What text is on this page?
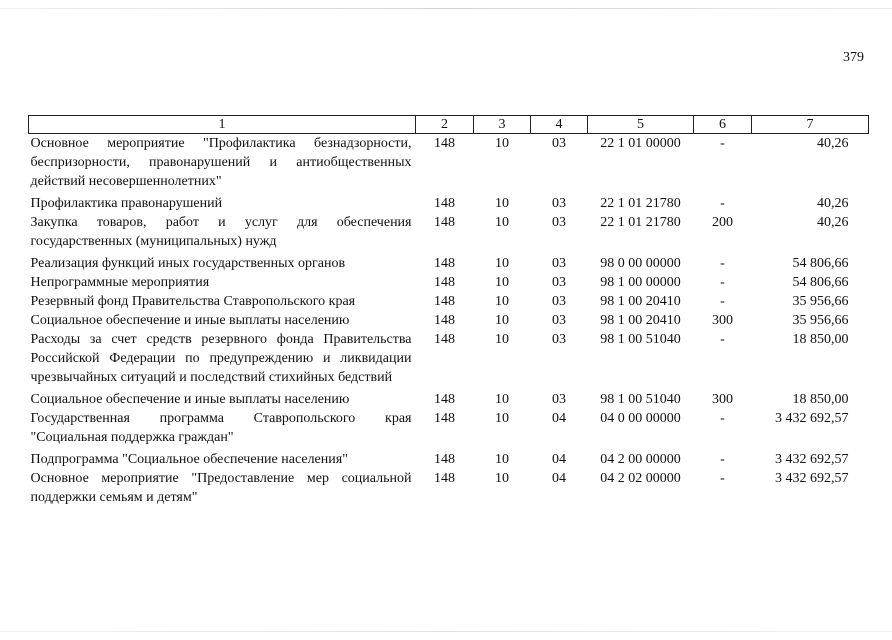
379
1	2	3	4	5	6	7
Основное мероприятие "Профилактика безнадзорности, беспризорности, правонарушений и антиобщественных действий несовершеннолетних"	148	10	03	22 1 01 00000	-	40,26
Профилактика правонарушений	148	10	03	22 1 01 21780	-	40,26
Закупка товаров, работ и услуг для обеспечения государственных (муниципальных) нужд	148	10	03	22 1 01 21780	200	40,26
Реализация функций иных государственных органов	148	10	03	98 0 00 00000	-	54 806,66
Непрограммные мероприятия	148	10	03	98 1 00 00000	-	54 806,66
Резервный фонд Правительства Ставропольского края	148	10	03	98 1 00 20410	-	35 956,66
Социальное обеспечение и иные выплаты населению	148	10	03	98 1 00 20410	300	35 956,66
Расходы за счет средств резервного фонда Правительства Российской Федерации по предупреждению и ликвидации чрезвычайных ситуаций и последствий стихийных бедствий	148	10	03	98 1 00 51040	-	18 850,00
Социальное обеспечение и иные выплаты населению	148	10	03	98 1 00 51040	300	18 850,00
Государственная программа Ставропольского края "Социальная поддержка граждан"	148	10	04	04 0 00 00000	-	3 432 692,57
Подпрограмма "Социальное обеспечение населения"	148	10	04	04 2 00 00000	-	3 432 692,57
Основное мероприятие "Предоставление мер социальной поддержки семьям и детям"	148	10	04	04 2 02 00000	-	3 432 692,57
